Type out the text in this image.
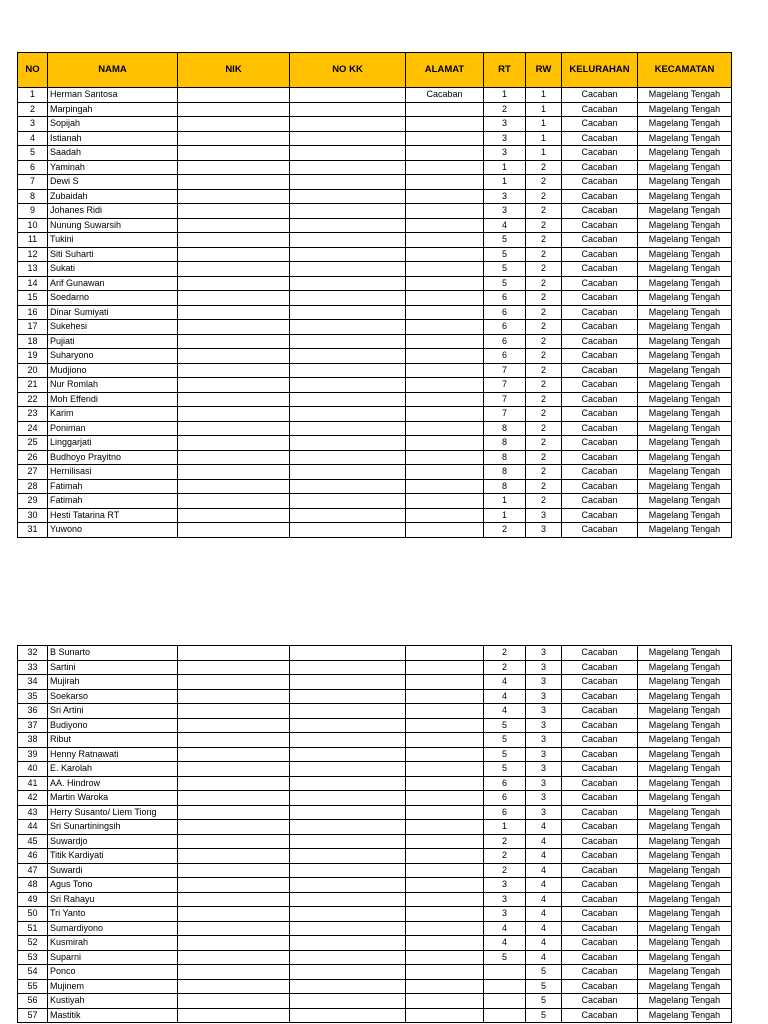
NO	NAMA	NIK	NO KK	ALAMAT	RT	RW	KELURAHAN	KECAMATAN
1	Herman Santosa			Cacaban	1	1	Cacaban	Magelang Tengah
2	Marpingah				2	1	Cacaban	Magelang Tengah
3	Sopijah				3	1	Cacaban	Magelang Tengah
4	Istianah				3	1	Cacaban	Magelang Tengah
5	Saadah				3	1	Cacaban	Magelang Tengah
6	Yaminah				1	2	Cacaban	Magelang Tengah
7	Dewi S				1	2	Cacaban	Magelang Tengah
8	Zubaidah				3	2	Cacaban	Magelang Tengah
9	Johanes Ridi				3	2	Cacaban	Magelang Tengah
10	Nunung Suwarsih				4	2	Cacaban	Magelang Tengah
11	Tukini				5	2	Cacaban	Magelang Tengah
12	Siti Suharti				5	2	Cacaban	Magelang Tengah
13	Sukati				5	2	Cacaban	Magelang Tengah
14	Arif Gunawan				5	2	Cacaban	Magelang Tengah
15	Soedarno				6	2	Cacaban	Magelang Tengah
16	Dinar Sumiyati				6	2	Cacaban	Magelang Tengah
17	Sukehesi				6	2	Cacaban	Magelang Tengah
18	Pujiati				6	2	Cacaban	Magelang Tengah
19	Suharyono				6	2	Cacaban	Magelang Tengah
20	Mudjiono				7	2	Cacaban	Magelang Tengah
21	Nur Romlah				7	2	Cacaban	Magelang Tengah
22	Moh Effendi				7	2	Cacaban	Magelang Tengah
23	Karim				7	2	Cacaban	Magelang Tengah
24	Poniman				8	2	Cacaban	Magelang Tengah
25	Linggarjati				8	2	Cacaban	Magelang Tengah
26	Budhoyo Prayitno				8	2	Cacaban	Magelang Tengah
27	Hernilisasi				8	2	Cacaban	Magelang Tengah
28	Fatimah				8	2	Cacaban	Magelang Tengah
29	Fatimah				1	2	Cacaban	Magelang Tengah
30	Hesti Tatarina RT				1	3	Cacaban	Magelang Tengah
31	Yuwono				2	3	Cacaban	Magelang Tengah
32	B Sunarto				2	3	Cacaban	Magelang Tengah
33	Sartini				2	3	Cacaban	Magelang Tengah
34	Mujirah				4	3	Cacaban	Magelang Tengah
35	Soekarso				4	3	Cacaban	Magelang Tengah
36	Sri Artini				4	3	Cacaban	Magelang Tengah
37	Budiyono				5	3	Cacaban	Magelang Tengah
38	Ribut				5	3	Cacaban	Magelang Tengah
39	Henny Ratnawati				5	3	Cacaban	Magelang Tengah
40	E. Karolah				5	3	Cacaban	Magelang Tengah
41	AA. Hindrow				6	3	Cacaban	Magelang Tengah
42	Martin Waroka				6	3	Cacaban	Magelang Tengah
43	Herry Susanto/ Liem Tiong				6	3	Cacaban	Magelang Tengah
44	Sri Sunartiningsih				1	4	Cacaban	Magelang Tengah
45	Suwardjo				2	4	Cacaban	Magelang Tengah
46	Titik Kardiyati				2	4	Cacaban	Magelang Tengah
47	Suwardi				2	4	Cacaban	Magelang Tengah
48	Agus Tono				3	4	Cacaban	Magelang Tengah
49	Sri Rahayu				3	4	Cacaban	Magelang Tengah
50	Tri Yanto				3	4	Cacaban	Magelang Tengah
51	Sumardiyono				4	4	Cacaban	Magelang Tengah
52	Kusmirah				4	4	Cacaban	Magelang Tengah
53	Suparni				5	4	Cacaban	Magelang Tengah
54	Ponco					5	Cacaban	Magelang Tengah
55	Mujinem					5	Cacaban	Magelang Tengah
56	Kustiyah					5	Cacaban	Magelang Tengah
57	Mastitik					5	Cacaban	Magelang Tengah
